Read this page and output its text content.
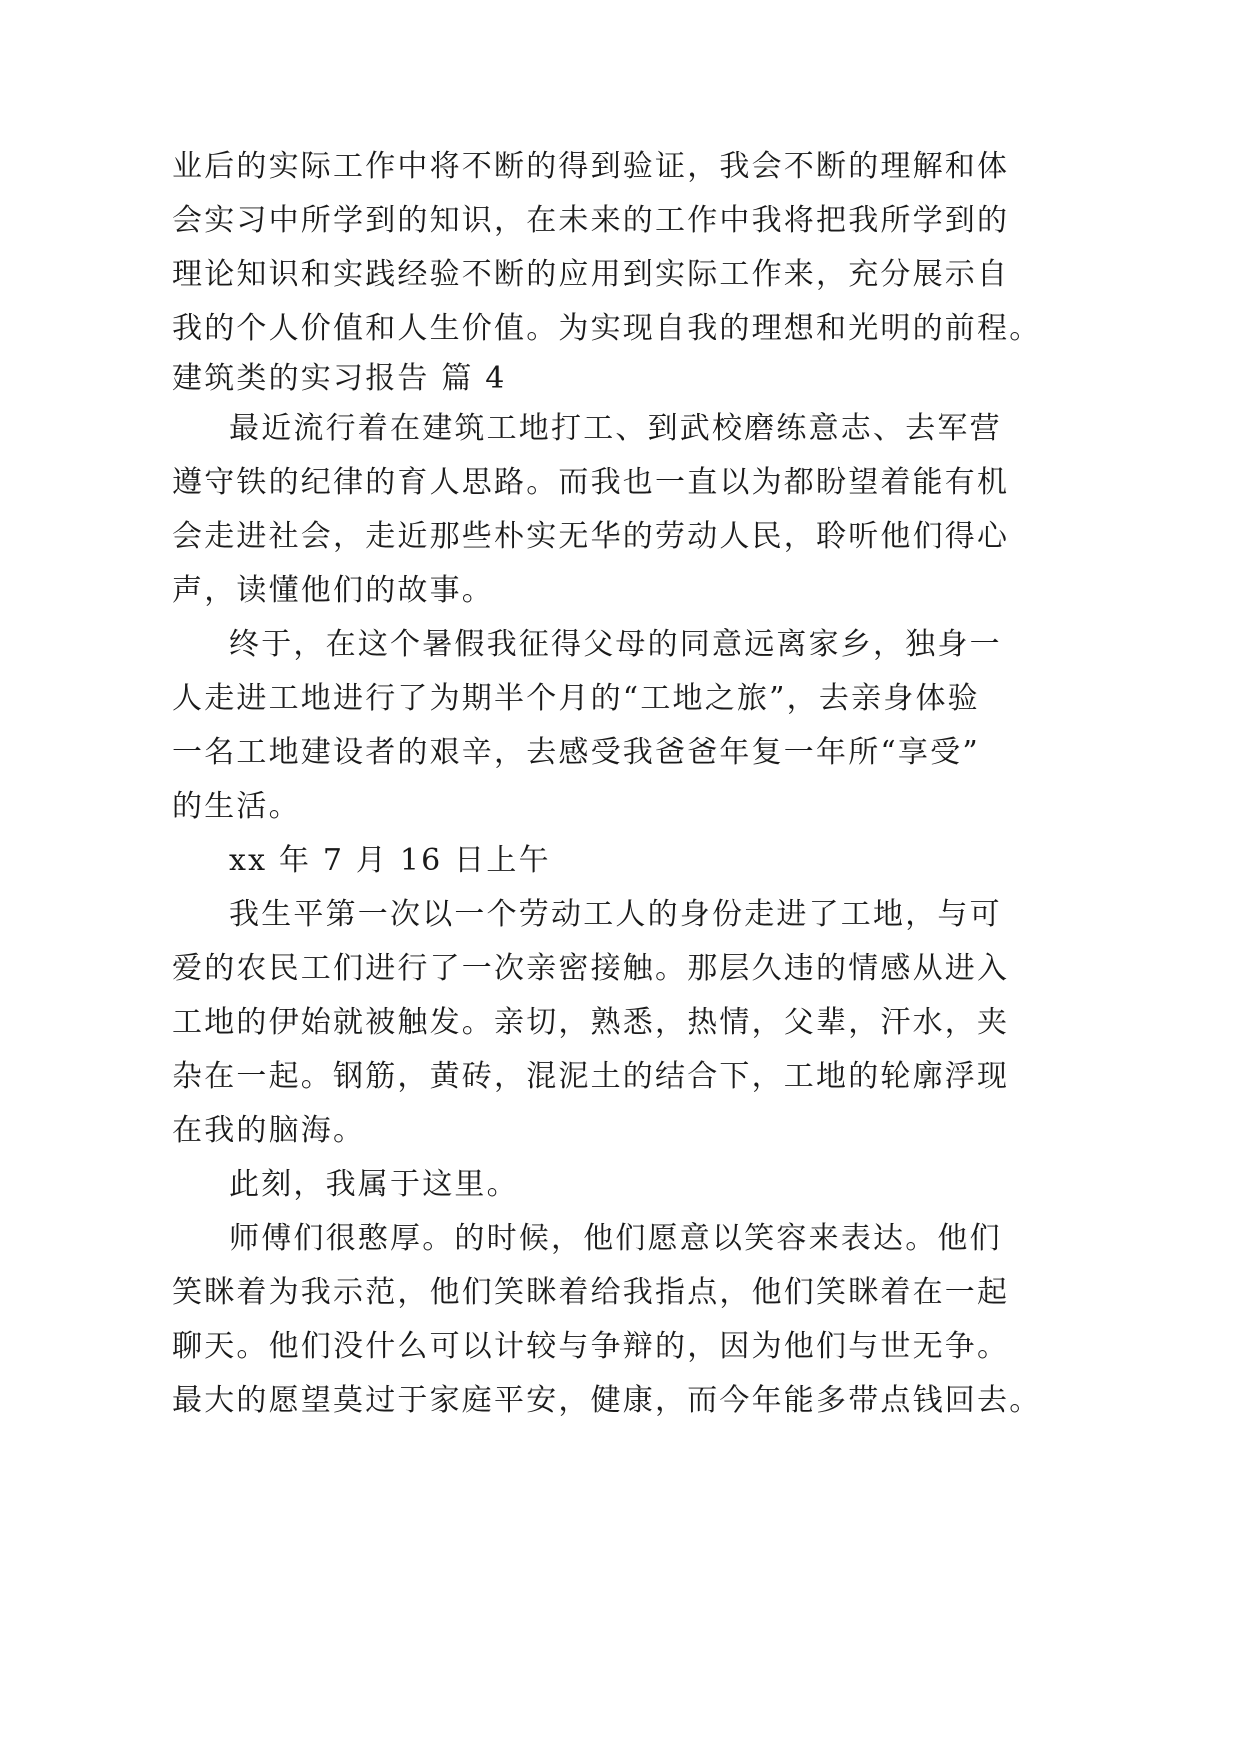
业后的实际工作中将不断的得到验证，我会不断的理解和体
会实习中所学到的知识，在未来的工作中我将把我所学到的
理论知识和实践经验不断的应用到实际工作来，充分展示自
我的个人价值和人生价值。为实现自我的理想和光明的前程。
建筑类的实习报告 篇 4
最近流行着在建筑工地打工、到武校磨练意志、去军营
遵守铁的纪律的育人思路。而我也一直以为都盼望着能有机
会走进社会，走近那些朴实无华的劳动人民，聆听他们得心
声，读懂他们的故事。
终于，在这个暑假我征得父母的同意远离家乡，独身一
人走进工地进行了为期半个月的“工地之旅”，去亲身体验
一名工地建设者的艰辛，去感受我爸爸年复一年所“享受”
的生活。
xx 年 7 月 16 日上午
我生平第一次以一个劳动工人的身份走进了工地，与可
爱的农民工们进行了一次亲密接触。那层久违的情感从进入
工地的伊始就被触发。亲切，熟悉，热情，父辈，汗水，夹
杂在一起。钢筋，黄砖，混泥土的结合下，工地的轮廓浮现
在我的脑海。
此刻，我属于这里。
师傅们很憨厚。的时候，他们愿意以笑容来表达。他们
笑眯着为我示范，他们笑眯着给我指点，他们笑眯着在一起
聊天。他们没什么可以计较与争辩的，因为他们与世无争。
最大的愿望莫过于家庭平安，健康，而今年能多带点钱回去。
